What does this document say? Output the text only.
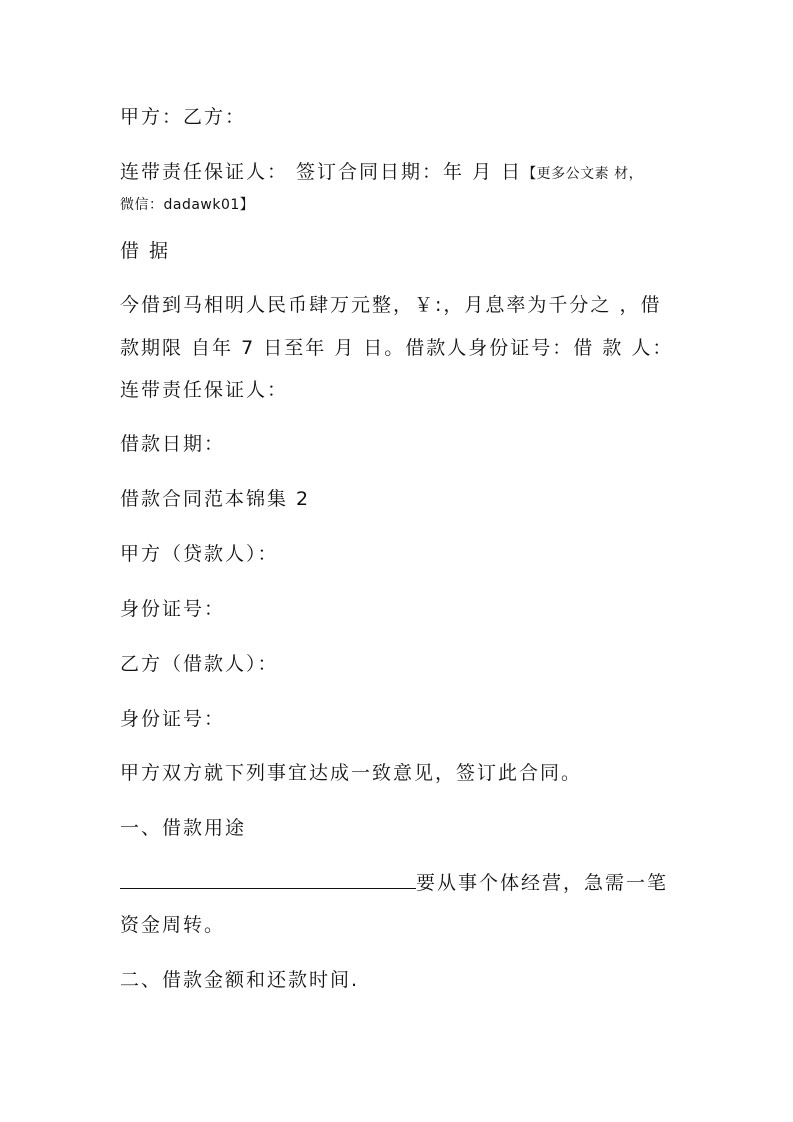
甲方：乙方：
连带责任保证人： 签订合同日期：年 月 日【更多公文素 材，
微信：dadawk01】
借 据
今借到马相明人民币肆万元整，￥:，月息率为千分之 ，借
款期限 自年 7 日至年 月 日。借款人身份证号：借 款 人：
连带责任保证人：
借款日期：
借款合同范本锦集 2
甲方（贷款人）：
身份证号：
乙方（借款人）：
身份证号：
甲方双方就下列事宜达成一致意见，签订此合同。
一、借款用途
要从事个体经营，急需一笔
资金周转。
二、借款金额和还款时间.
